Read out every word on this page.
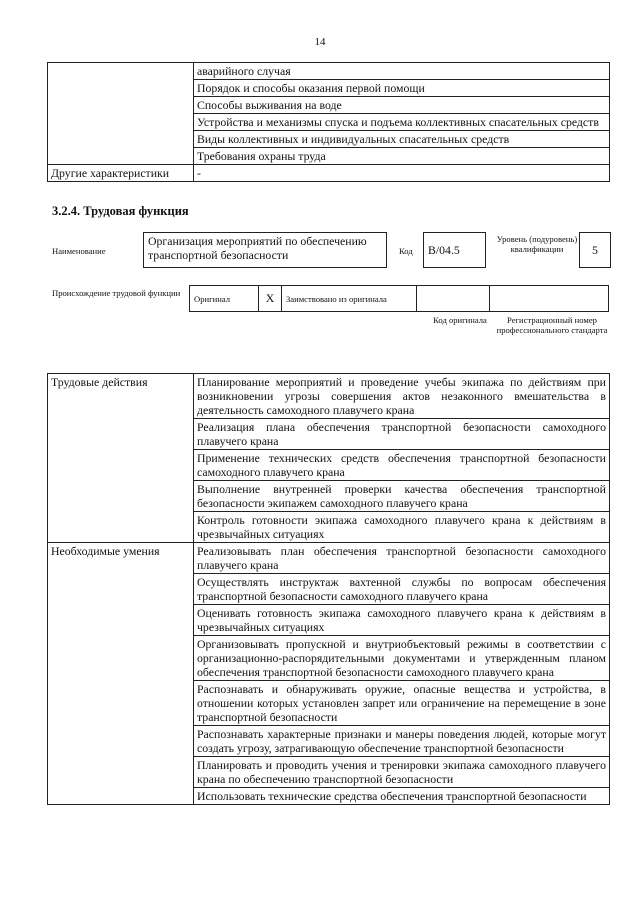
14
	аварийного случая
	Порядок и способы оказания первой помощи
	Способы выживания на воде
	Устройства и механизмы спуска и подъема коллективных спасательных средств
	Виды коллективных и индивидуальных спасательных средств
	Требования охраны труда
Другие характеристики	-
3.2.4. Трудовая функция
Наименование
Организация мероприятий по обеспечению транспортной безопасности	Код	B/04.5
Уровень (подуровень) квалификации	5
Происхождение трудовой функции
Оригинал	X	Заимствовано из оригинала		
Код оригинала	Регистрационный номер профессионального стандарта
Трудовые действия	Планирование мероприятий и проведение учебы экипажа по действиям при возникновении угрозы совершения актов незаконного вмешательства в деятельность самоходного плавучего крана
	Реализация плана обеспечения транспортной безопасности самоходного плавучего крана
	Применение технических средств обеспечения транспортной безопасности самоходного плавучего крана
	Выполнение внутренней проверки качества обеспечения транспортной безопасности экипажем самоходного плавучего крана
	Контроль готовности экипажа самоходного плавучего крана к действиям в чрезвычайных ситуациях
Необходимые умения	Реализовывать план обеспечения транспортной безопасности самоходного плавучего крана
	Осуществлять инструктаж вахтенной службы по вопросам обеспечения транспортной безопасности самоходного плавучего крана
	Оценивать готовность экипажа самоходного плавучего крана к действиям в чрезвычайных ситуациях
	Организовывать пропускной и внутриобъектовый режимы в соответствии с организационно-распорядительными документами и утвержденным планом обеспечения транспортной безопасности самоходного плавучего крана
	Распознавать и обнаруживать оружие, опасные вещества и устройства, в отношении которых установлен запрет или ограничение на перемещение в зоне транспортной безопасности
	Распознавать характерные признаки и манеры поведения людей, которые могут создать угрозу, затрагивающую обеспечение транспортной безопасности
	Планировать и проводить учения и тренировки экипажа самоходного плавучего крана по обеспечению транспортной безопасности
	Использовать технические средства обеспечения транспортной безопасности
